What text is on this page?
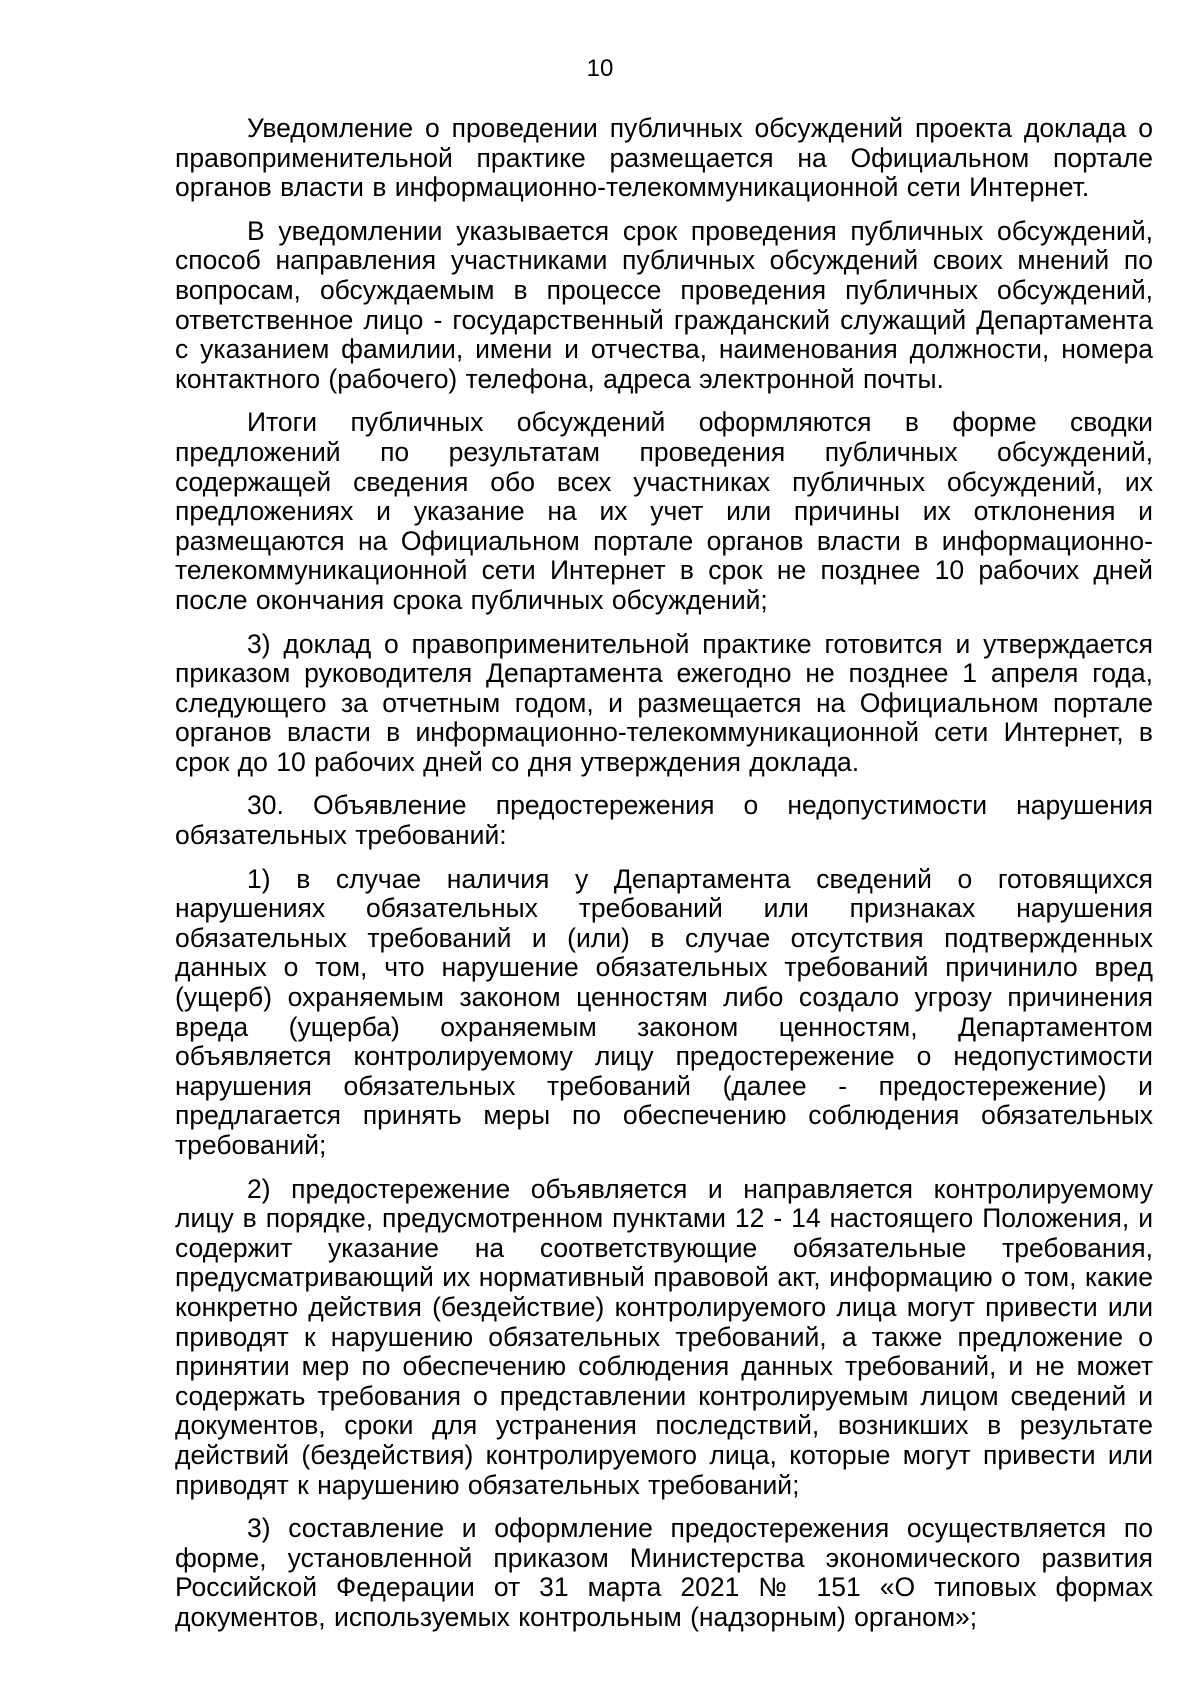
10

Уведомление о проведении публичных обсуждений проекта доклада о правоприменительной практике размещается на Официальном портале органов власти в информационно-телекоммуникационной сети Интернет.

В уведомлении указывается срок проведения публичных обсуждений, способ направления участниками публичных обсуждений своих мнений по вопросам, обсуждаемым в процессе проведения публичных обсуждений, ответственное лицо - государственный гражданский служащий Департамента с указанием фамилии, имени и отчества, наименования должности, номера контактного (рабочего) телефона, адреса электронной почты.

Итоги публичных обсуждений оформляются в форме сводки предложений по результатам проведения публичных обсуждений, содержащей сведения обо всех участниках публичных обсуждений, их предложениях и указание на их учет или причины их отклонения и размещаются на Официальном портале органов власти в информационно-телекоммуникационной сети Интернет в срок не позднее 10 рабочих дней после окончания срока публичных обсуждений;

3) доклад о правоприменительной практике готовится и утверждается приказом руководителя Департамента ежегодно не позднее 1 апреля года, следующего за отчетным годом, и размещается на Официальном портале органов власти в информационно-телекоммуникационной сети Интернет, в срок до 10 рабочих дней со дня утверждения доклада.

30. Объявление предостережения о недопустимости нарушения обязательных требований:

1) в случае наличия у Департамента сведений о готовящихся нарушениях обязательных требований или признаках нарушения обязательных требований и (или) в случае отсутствия подтвержденных данных о том, что нарушение обязательных требований причинило вред (ущерб) охраняемым законом ценностям либо создало угрозу причинения вреда (ущерба) охраняемым законом ценностям, Департаментом объявляется контролируемому лицу предостережение о недопустимости нарушения обязательных требований (далее - предостережение) и предлагается принять меры по обеспечению соблюдения обязательных требований;

2) предостережение объявляется и направляется контролируемому лицу в порядке, предусмотренном пунктами 12 - 14 настоящего Положения, и содержит указание на соответствующие обязательные требования, предусматривающий их нормативный правовой акт, информацию о том, какие конкретно действия (бездействие) контролируемого лица могут привести или приводят к нарушению обязательных требований, а также предложение о принятии мер по обеспечению соблюдения данных требований, и не может содержать требования о представлении контролируемым лицом сведений и документов, сроки для устранения последствий, возникших в результате действий (бездействия) контролируемого лица, которые могут привести или приводят к нарушению обязательных требований;

3) составление и оформление предостережения осуществляется по форме, установленной приказом Министерства экономического развития Российской Федерации от 31 марта 2021 № 151 «О типовых формах документов, используемых контрольным (надзорным) органом»;
